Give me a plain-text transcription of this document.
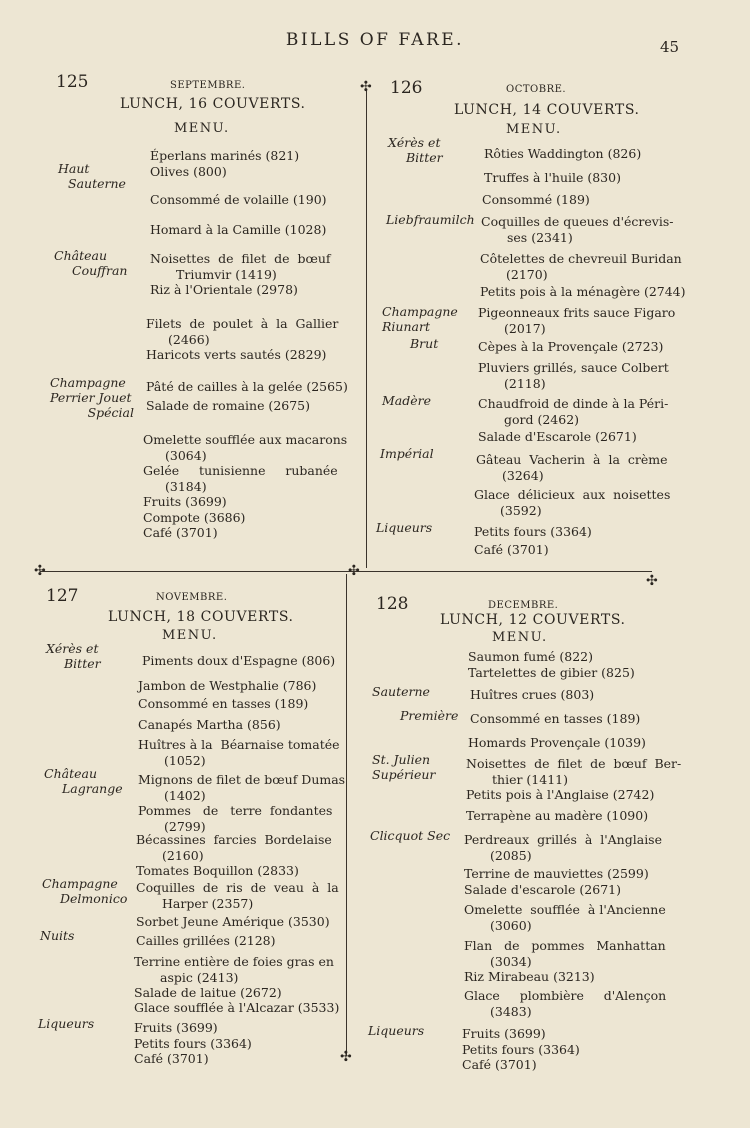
BILLS OF FARE.	45
✣
✣	✣
✣
✣
125	SEPTEMBRE.
LUNCH, 16 COUVERTS.
MENU.
Haut
Sauterne
Château
Couffran
Champagne
Perrier Jouet
Spécial
Éperlans marinés (821)
Olives (800)
Consommé de volaille (190)
Homard à la Camille (1028)
Noisettes  de  filet  de  bœuf
Triumvir (1419)
Riz à l'Orientale (2978)
Filets  de  poulet  à  la  Gallier
(2466)
Haricots verts sautés (2829)
Pâté de cailles à la gelée (2565)
Salade de romaine (2675)
Omelette soufflée aux macarons
(3064)
Gelée     tunisienne     rubanée
(3184)
Fruits (3699)
Compote (3686)
Café (3701)
126	OCTOBRE.
LUNCH, 14 COUVERTS.
MENU.
Xérès et
Bitter
Liebfraumilch
Champagne
Riunart
Brut
Madère
Impérial
Liqueurs
Rôties Waddington (826)
Truffes à l'huile (830)
Consommé (189)
Coquilles de queues d'écrevis-
ses (2341)
Côtelettes de chevreuil Buridan
(2170)
Petits pois à la ménagère (2744)
Pigeonneaux frits sauce Figaro
(2017)
Cèpes à la Provençale (2723)
Pluviers grillés, sauce Colbert
(2118)
Chaudfroid de dinde à la Péri-
gord (2462)
Salade d'Escarole (2671)
Gâteau  Vacherin  à  la  crème
(3264)
Glace  délicieux  aux  noisettes
(3592)
Petits fours (3364)
Café (3701)
127	NOVEMBRE.
LUNCH, 18 COUVERTS.
MENU.
Xérès et
Bitter
Château
Lagrange
Champagne
Delmonico
Nuits
Liqueurs
Piments doux d'Espagne (806)
Jambon de Westphalie (786)
Consommé en tasses (189)
Canapés Martha (856)
Huîtres à la  Béarnaise tomatée
(1052)
Mignons de filet de bœuf Dumas
(1402)
Pommes   de   terre  fondantes
(2799)
Bécassines  farcies  Bordelaise
(2160)
Tomates Boquillon (2833)
Coquilles  de  ris  de  veau  à  la
Harper (2357)
Sorbet Jeune Amérique (3530)
Cailles grillées (2128)
Terrine entière de foies gras en
aspic (2413)
Salade de laitue (2672)
Glace soufflée à l'Alcazar (3533)
Fruits (3699)
Petits fours (3364)
Café (3701)
128	DECEMBRE.
LUNCH, 12 COUVERTS.
MENU.
Sauterne
Première
St. Julien
Supérieur
Clicquot Sec
Liqueurs
Saumon fumé (822)
Tartelettes de gibier (825)
Huîtres crues (803)
Consommé en tasses (189)
Homards Provençale (1039)
Noisettes  de  filet  de  bœuf  Ber-
thier (1411)
Petits pois à l'Anglaise (2742)
Terrapène au madère (1090)
Perdreaux  grillés  à  l'Anglaise
(2085)
Terrine de mauviettes (2599)
Salade d'escarole (2671)
Omelette  soufflée  à l'Ancienne
(3060)
Flan   de   pommes   Manhattan
(3034)
Riz Mirabeau (3213)
Glace     plombière     d'Alençon
(3483)
Fruits (3699)
Petits fours (3364)
Café (3701)
